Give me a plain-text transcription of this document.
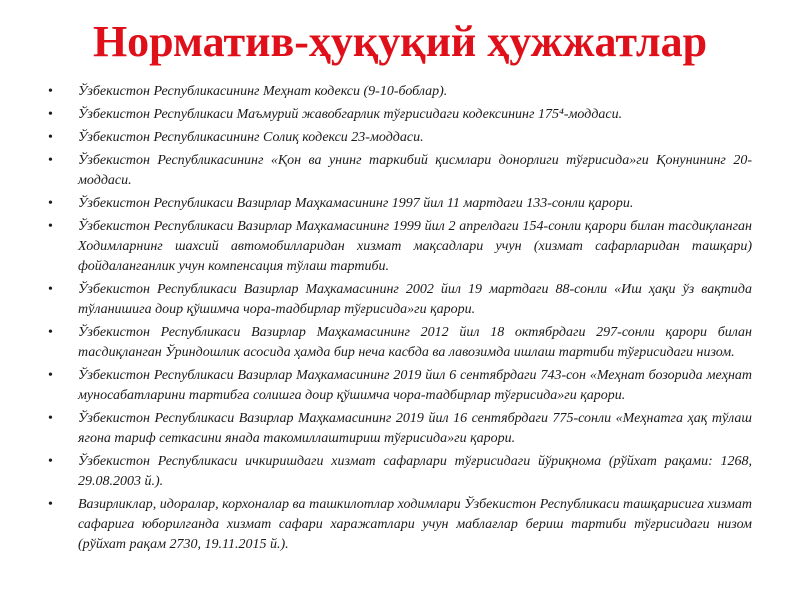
Норматив-ҳуқуқий ҳужжатлар
• Ўзбекистон Республикасининг Меҳнат кодекси (9-10-боблар).
• Ўзбекистон Республикаси Маъмурий жавобгарлик тўғрисидаги кодексининг 175⁴-моддаси.
• Ўзбекистон Республикасининг Солиқ кодекси 23-моддаси.
• Ўзбекистон Республикасининг «Қон ва унинг таркибий қисмлари донорлиги тўғрисида»ги Қонунининг 20-моддаси.
• Ўзбекистон Республикаси Вазирлар Маҳкамасининг 1997 йил 11 мартдаги 133-сонли қарори.
• Ўзбекистон Республикаси Вазирлар Маҳкамасининг 1999 йил 2 апрелдаги 154-сонли қарори билан тасдиқланган Ходимларнинг шахсий автомобилларидан хизмат мақсадлари учун (хизмат сафарларидан ташқари) фойдаланганлик учун компенсация тўлаш тартиби.
• Ўзбекистон Республикаси Вазирлар Маҳкамасининг 2002 йил 19 мартдаги 88-сонли «Иш ҳақи ўз вақтида тўланишига доир қўшимча чора-тадбирлар тўғрисида»ги қарори.
• Ўзбекистон Республикаси Вазирлар Маҳкамасининг 2012 йил 18 октябрдаги 297-сонли қарори билан тасдиқланган Ўриндошлик асосида ҳамда бир неча касбда ва лавозимда ишлаш тартиби тўғрисидаги низом.
• Ўзбекистон Республикаси Вазирлар Маҳкамасининг 2019 йил 6 сентябрдаги 743-сон «Меҳнат бозорида меҳнат муносабатларини тартибга солишга доир қўшимча чора-тадбирлар тўғрисида»ги қарори.
• Ўзбекистон Республикаси Вазирлар Маҳкамасининг 2019 йил 16 сентябрдаги 775-сонли «Меҳнатга ҳақ тўлаш ягона тариф сеткасини янада такомиллаштириш тўғрисида»ги қарори.
• Ўзбекистон Республикаси ичкиришдаги хизмат сафарлари тўғрисидаги йўриқнома (рўйхат рақами: 1268, 29.08.2003 й.).
• Вазирликлар, идоралар, корхоналар ва ташкилотлар ходимлари Ўзбекистон Республикаси ташқарисига хизмат сафарига юборилганда хизмат сафари харажатлари учун маблағлар бериш тартиби тўғрисидаги низом (рўйхат рақам 2730, 19.11.2015 й.).
